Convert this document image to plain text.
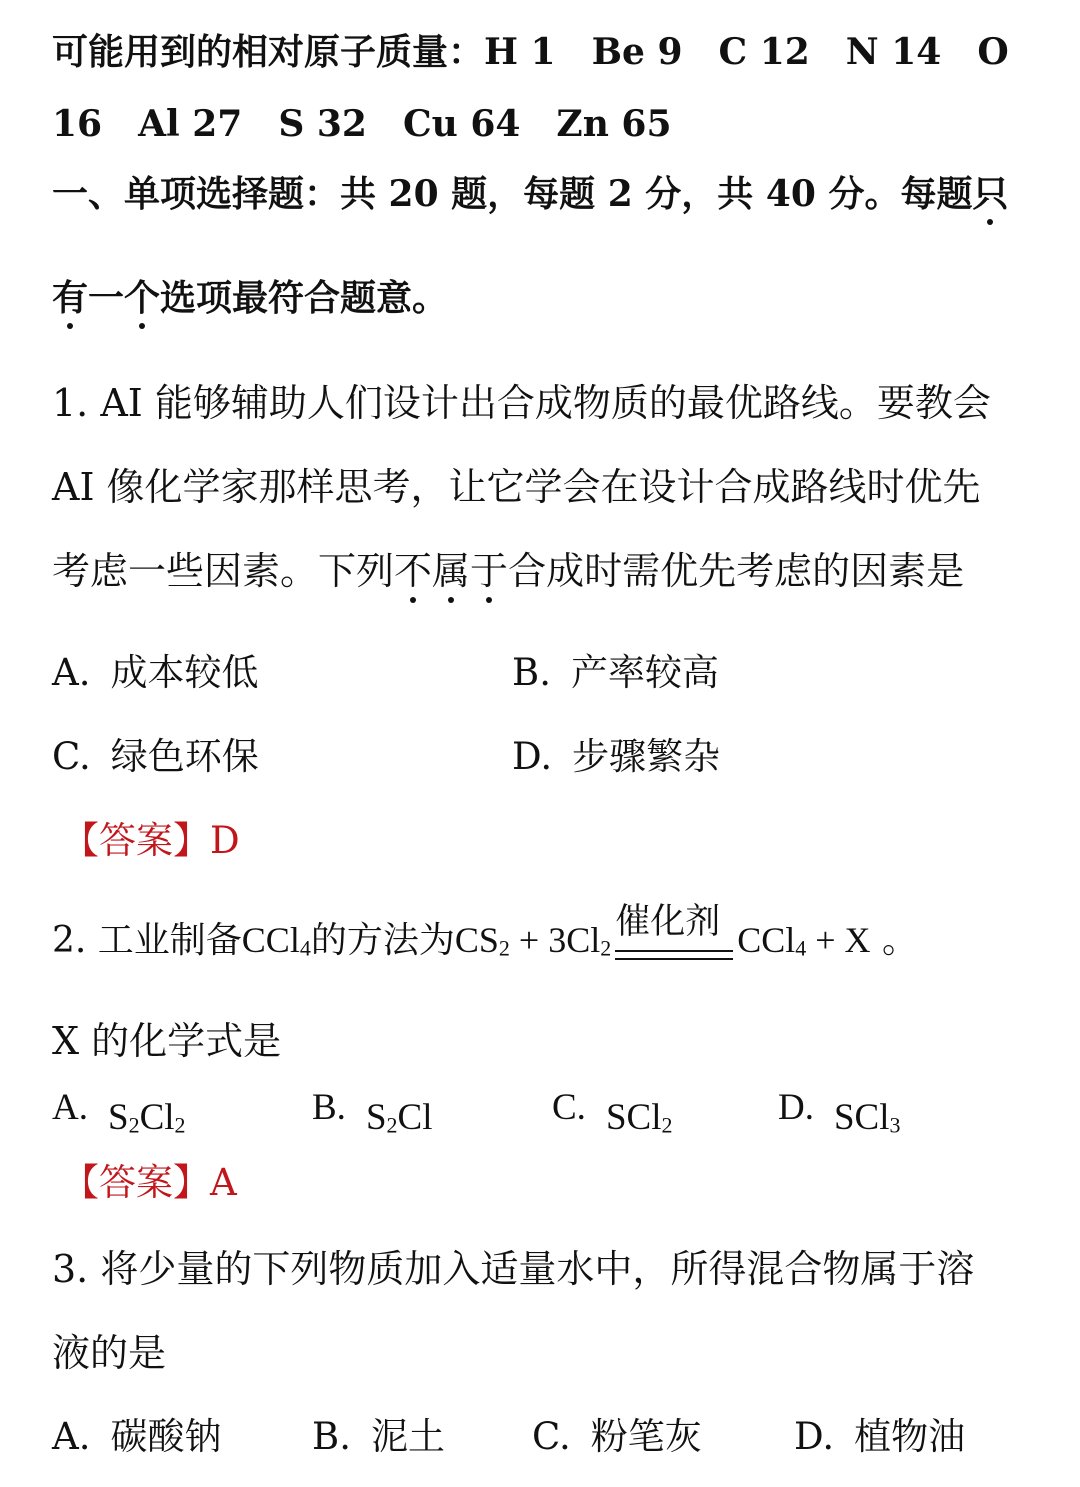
可能用到的相对原子质量：H 1　Be 9　C 12　N 14　O
16　Al 27　S 32　Cu 64　Zn 65
一、单项选择题：共 20 题，每题 2 分，共 40 分。每题只
有一个选项最符合题意。
1. AI 能够辅助人们设计出合成物质的最优路线。要教会
AI 像化学家那样思考，让它学会在设计合成路线时优先
考虑一些因素。下列不属于合成时需优先考虑的因素是
A. 成本较低	B. 产率较高
C. 绿色环保	D. 步骤繁杂
【答案】D
2. 工业制备CCl$_4$的方法为$CS_2 + 3Cl_2$
催化剂 CCl$_4$ + X 。
X 的化学式是
A. $S_2Cl_2$	B. $S_2Cl$	C. SCl$_2$	D. SCl$_3$
【答案】A
3. 将少量的下列物质加入适量水中，所得混合物属于溶
液的是
A. 碳酸钠 B. 泥土 C. 粉笔灰 D. 植物油
